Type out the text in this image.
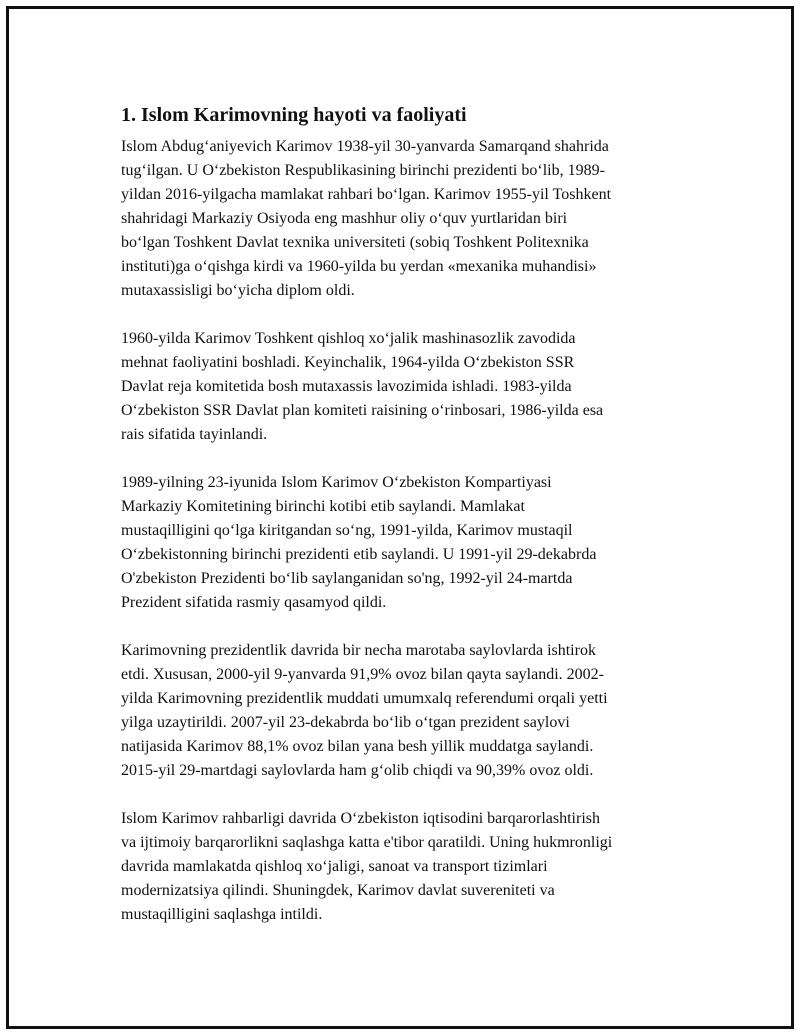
1. Islom Karimovning hayoti va faoliyati
Islom Abdug‘aniyevich Karimov 1938-yil 30-yanvarda Samarqand shahrida
tug‘ilgan. U O‘zbekiston Respublikasining birinchi prezidenti bo‘lib, 1989-
yildan 2016-yilgacha mamlakat rahbari bo‘lgan. Karimov 1955-yil Toshkent
shahridagi Markaziy Osiyoda eng mashhur oliy o‘quv yurtlaridan biri
bo‘lgan Toshkent Davlat texnika universiteti (sobiq Toshkent Politexnika
instituti)ga o‘qishga kirdi va 1960-yilda bu yerdan «mexanika muhandisi»
mutaxassisligi bo‘yicha diplom oldi.
1960-yilda Karimov Toshkent qishloq xo‘jalik mashinasozlik zavodida
mehnat faoliyatini boshladi. Keyinchalik, 1964-yilda O‘zbekiston SSR
Davlat reja komitetida bosh mutaxassis lavozimida ishladi. 1983-yilda
O‘zbekiston SSR Davlat plan komiteti raisining o‘rinbosari, 1986-yilda esa
rais sifatida tayinlandi.
1989-yilning 23-iyunida Islom Karimov O‘zbekiston Kompartiyasi
Markaziy Komitetining birinchi kotibi etib saylandi. Mamlakat
mustaqilligini qo‘lga kiritgandan so‘ng, 1991-yilda, Karimov mustaqil
O‘zbekistonning birinchi prezidenti etib saylandi. U 1991-yil 29-dekabrda
O'zbekiston Prezidenti bo‘lib saylanganidan so'ng, 1992-yil 24-martda
Prezident sifatida rasmiy qasamyod qildi.
Karimovning prezidentlik davrida bir necha marotaba saylovlarda ishtirok
etdi. Xususan, 2000-yil 9-yanvarda 91,9% ovoz bilan qayta saylandi. 2002-
yilda Karimovning prezidentlik muddati umumxalq referendumi orqali yetti
yilga uzaytirildi. 2007-yil 23-dekabrda bo‘lib o‘tgan prezident saylovi
natijasida Karimov 88,1% ovoz bilan yana besh yillik muddatga saylandi.
2015-yil 29-martdagi saylovlarda ham g‘olib chiqdi va 90,39% ovoz oldi.
Islom Karimov rahbarligi davrida O‘zbekiston iqtisodini barqarorlashtirish
va ijtimoiy barqarorlikni saqlashga katta e'tibor qaratildi. Uning hukmronligi
davrida mamlakatda qishloq xo‘jaligi, sanoat va transport tizimlari
modernizatsiya qilindi. Shuningdek, Karimov davlat suvereniteti va
mustaqilligini saqlashga intildi.
